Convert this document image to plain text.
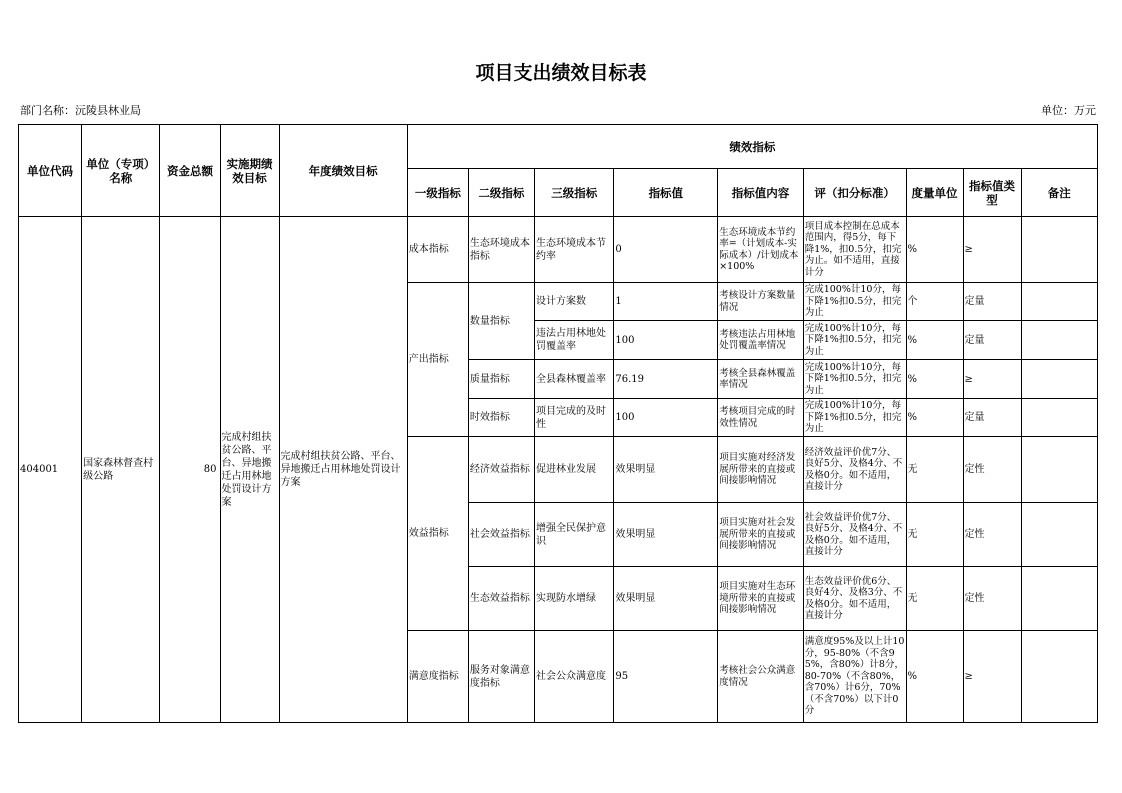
项目支出绩效目标表
部门名称：沅陵县林业局	单位：万元
单位代码	单位（专项）名称	资金总额	实施期绩效目标	年度绩效目标	绩效指标								
					一级指标	二级指标	三级指标	指标值	指标值内容	评（扣分标准）	度量单位	指标值类型	备注
404001	国家森林督查村级公路	80	完成村组扶贫公路、平台、异地搬迁占用林地处罚设计方案	完成村组扶贫公路、平台、异地搬迁占用林地处罚设计方案	成本指标	生态环境成本指标	生态环境成本节约率	0	生态环境成本节约率=（计划成本-实际成本）/计划成本×100%	项目成本控制在总成本范围内，得5分，每下降1%，扣0.5分，扣完为止。如不适用，直接计分	%	≥	
					产出指标	数量指标	设计方案数	1	考核设计方案数量情况	完成100%计10分，每下降1%扣0.5分，扣完为止	个	定量	
							违法占用林地处罚覆盖率	100	考核违法占用林地处罚覆盖率情况	完成100%计10分，每下降1%扣0.5分，扣完为止	%	定量	
						质量指标	全县森林覆盖率	76.19	考核全县森林覆盖率情况	完成100%计10分，每下降1%扣0.5分，扣完为止	%	≥	
						时效指标	项目完成的及时性	100	考核项目完成的时效性情况	完成100%计10分，每下降1%扣0.5分，扣完为止	%	定量	
					效益指标	经济效益指标	促进林业发展	效果明显	项目实施对经济发展所带来的直接或间接影响情况	经济效益评价优7分、良好5分、及格4分、不及格0分。如不适用，直接计分	无	定性	
						社会效益指标	增强全民保护意识	效果明显	项目实施对社会发展所带来的直接或间接影响情况	社会效益评价优7分、良好5分、及格4分、不及格0分。如不适用，直接计分	无	定性	
						生态效益指标	实现防水增绿	效果明显	项目实施对生态环境所带来的直接或间接影响情况	生态效益评价优6分、良好4分、及格3分、不及格0分。如不适用，直接计分	无	定性	
					满意度指标	服务对象满意度指标	社会公众满意度	95	考核社会公众满意度情况	满意度95%及以上计10分，95-80%（不含95%，含80%）计8分，80-70%（不含80%，含70%）计6分，70%（不含70%）以下计0分	%	≥	
